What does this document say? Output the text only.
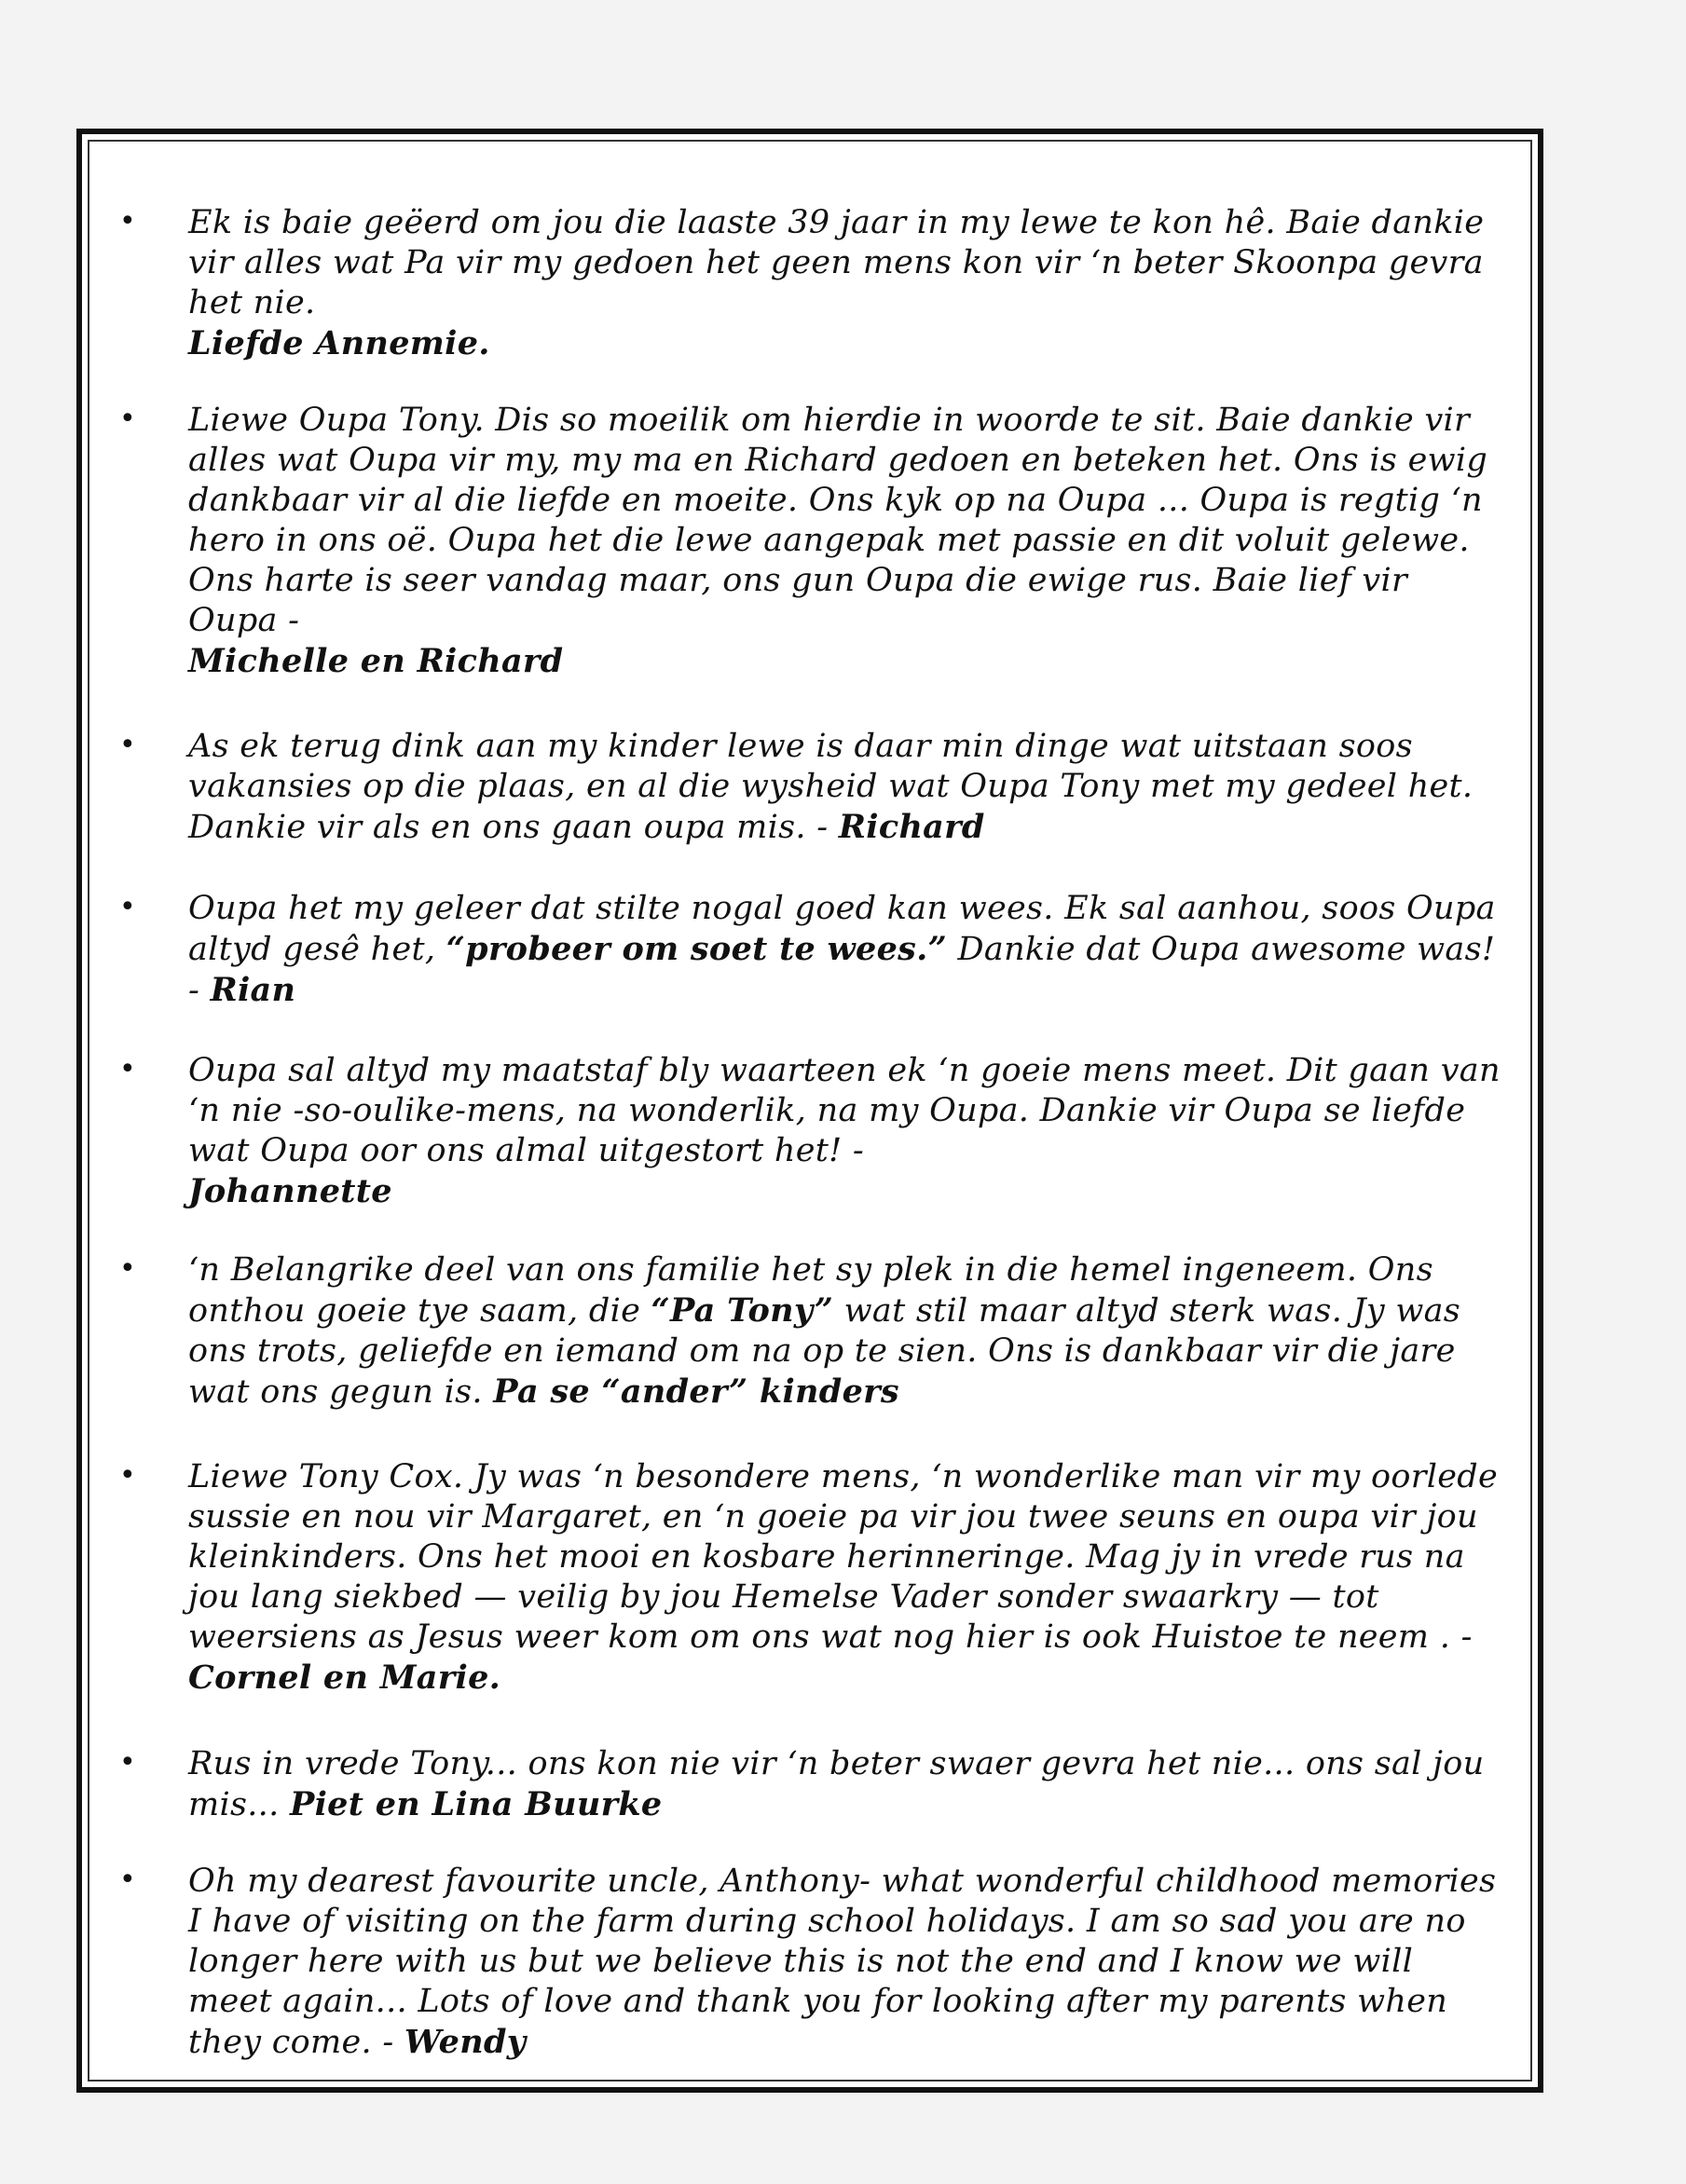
• Ek is baie geëerd om jou die laaste 39 jaar in my lewe te kon hê. Baie dankie vir alles wat Pa vir my gedoen het geen mens kon vir ‘n beter Skoonpa gevra het nie.
Liefde Annemie.
• Liewe Oupa Tony. Dis so moeilik om hierdie in woorde te sit. Baie dankie vir alles wat Oupa vir my, my ma en Richard gedoen en beteken het. Ons is ewig dankbaar vir al die liefde en moeite. Ons kyk op na Oupa ... Oupa is regtig ‘n hero in ons oë. Oupa het die lewe aangepak met passie en dit voluit gelewe. Ons harte is seer vandag maar, ons gun Oupa die ewige rus. Baie lief vir Oupa -
Michelle en Richard
• As ek terug dink aan my kinder lewe is daar min dinge wat uitstaan soos vakansies op die plaas, en al die wysheid wat Oupa Tony met my gedeel het. Dankie vir als en ons gaan oupa mis. - Richard
• Oupa het my geleer dat stilte nogal goed kan wees. Ek sal aanhou, soos Oupa altyd gesê het, “probeer om soet te wees.” Dankie dat Oupa awesome was! - Rian
• Oupa sal altyd my maatstaf bly waarteen ek ‘n goeie mens meet. Dit gaan van ‘n nie -so-oulike-mens, na wonderlik, na my Oupa. Dankie vir Oupa se liefde wat Oupa oor ons almal uitgestort het! -
Johannette
• ‘n Belangrike deel van ons familie het sy plek in die hemel ingeneem. Ons onthou goeie tye saam, die “Pa Tony” wat stil maar altyd sterk was. Jy was ons trots, geliefde en iemand om na op te sien. Ons is dankbaar vir die jare wat ons gegun is. Pa se “ander” kinders
• Liewe Tony Cox. Jy was ‘n besondere mens, ‘n wonderlike man vir my oorlede sussie en nou vir Margaret, en ‘n goeie pa vir jou twee seuns en oupa vir jou kleinkinders. Ons het mooi en kosbare herinneringe. Mag jy in vrede rus na jou lang siekbed — veilig by jou Hemelse Vader sonder swaarkry — tot weersiens as Jesus weer kom om ons wat nog hier is ook Huistoe te neem . - Cornel en Marie.
• Rus in vrede Tony... ons kon nie vir ‘n beter swaer gevra het nie... ons sal jou mis... Piet en Lina Buurke
• Oh my dearest favourite uncle, Anthony- what wonderful childhood memories I have of visiting on the farm during school holidays. I am so sad you are no longer here with us but we believe this is not the end and I know we will meet again... Lots of love and thank you for looking after my parents when they come. - Wendy
